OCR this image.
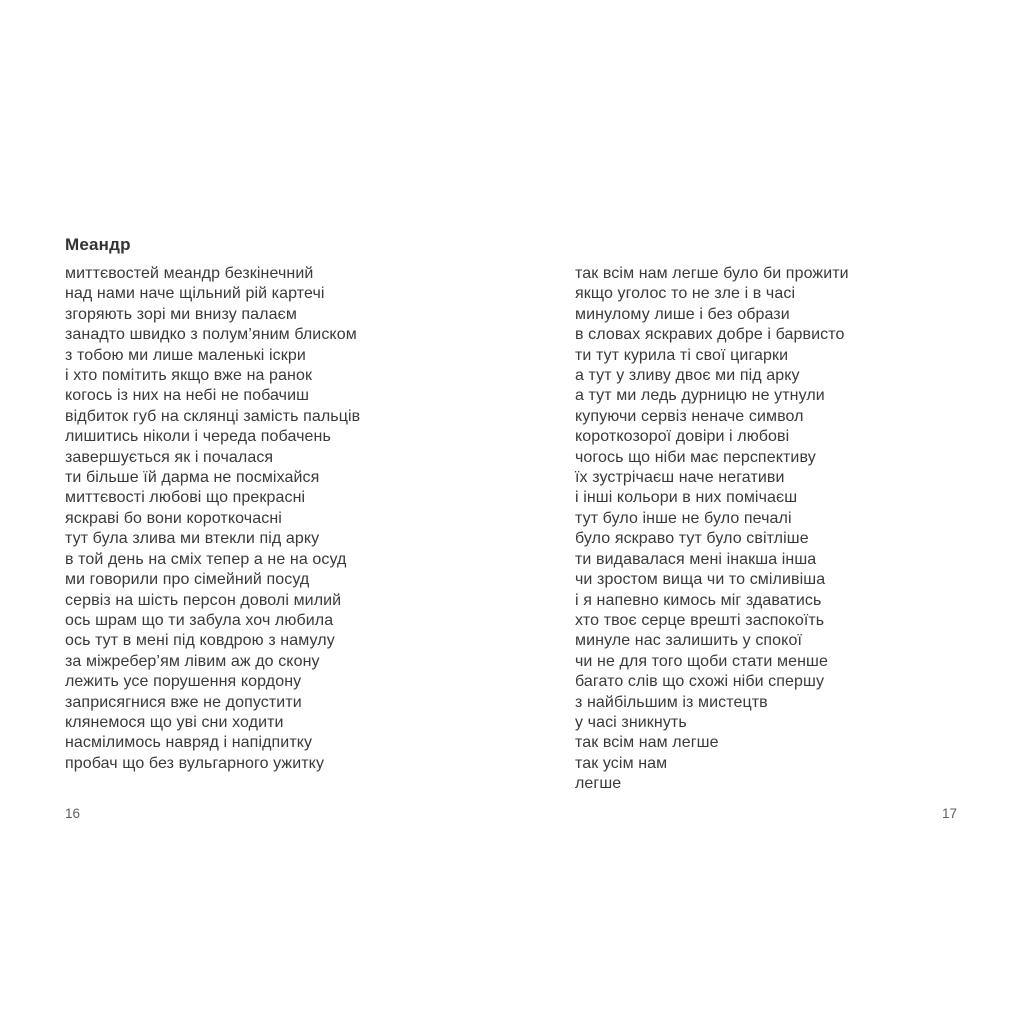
Меандр
миттєвостей меандр безкінечний
над нами наче щільний рій картечі
згоряють зорі ми внизу палаєм
занадто швидко з полум’яним блиском
з тобою ми лише маленькі іскри
і хто помітить якщо вже на ранок
когось із них на небі не побачиш
відбиток губ на склянці замість пальців
лишитись ніколи і череда побачень
завершується як і почалася
ти більше їй дарма не посміхайся
миттєвості любові що прекрасні
яскраві бо вони короткочасні
тут була злива ми втекли під арку
в той день на сміх тепер а не на осуд
ми говорили про сімейний посуд
сервіз на шість персон доволі милий
ось шрам що ти забула хоч любила
ось тут в мені під ковдрою з намулу
за міжребер’ям лівим аж до скону
лежить усе порушення кордону
заприсягнися вже не допустити
клянемося що уві сни ходити
насмілимось навряд і напідпитку
пробач що без вульгарного ужитку
так всім нам легше було би прожити
якщо уголос то не зле і в часі
минулому лише і без образи
в словах яскравих добре і барвисто
ти тут курила ті свої цигарки
а тут у зливу двоє ми під арку
а тут ми ледь дурницю не утнули
купуючи сервіз неначе символ
короткозорої довіри і любові
чогось що ніби має перспективу
їх зустрічаєш наче негативи
і інші кольори в них помічаєш
тут було інше не було печалі
було яскраво тут було світліше
ти видавалася мені інакша інша
чи зростом вища чи то сміливіша
і я напевно кимось міг здаватись
хто твоє серце врешті заспокоїть
минуле нас залишить у спокої
чи не для того щоби стати менше
багато слів що схожі ніби спершу
з найбільшим із мистецтв
у часі зникнуть
так всім нам легше
так усім нам
легше
16	17
